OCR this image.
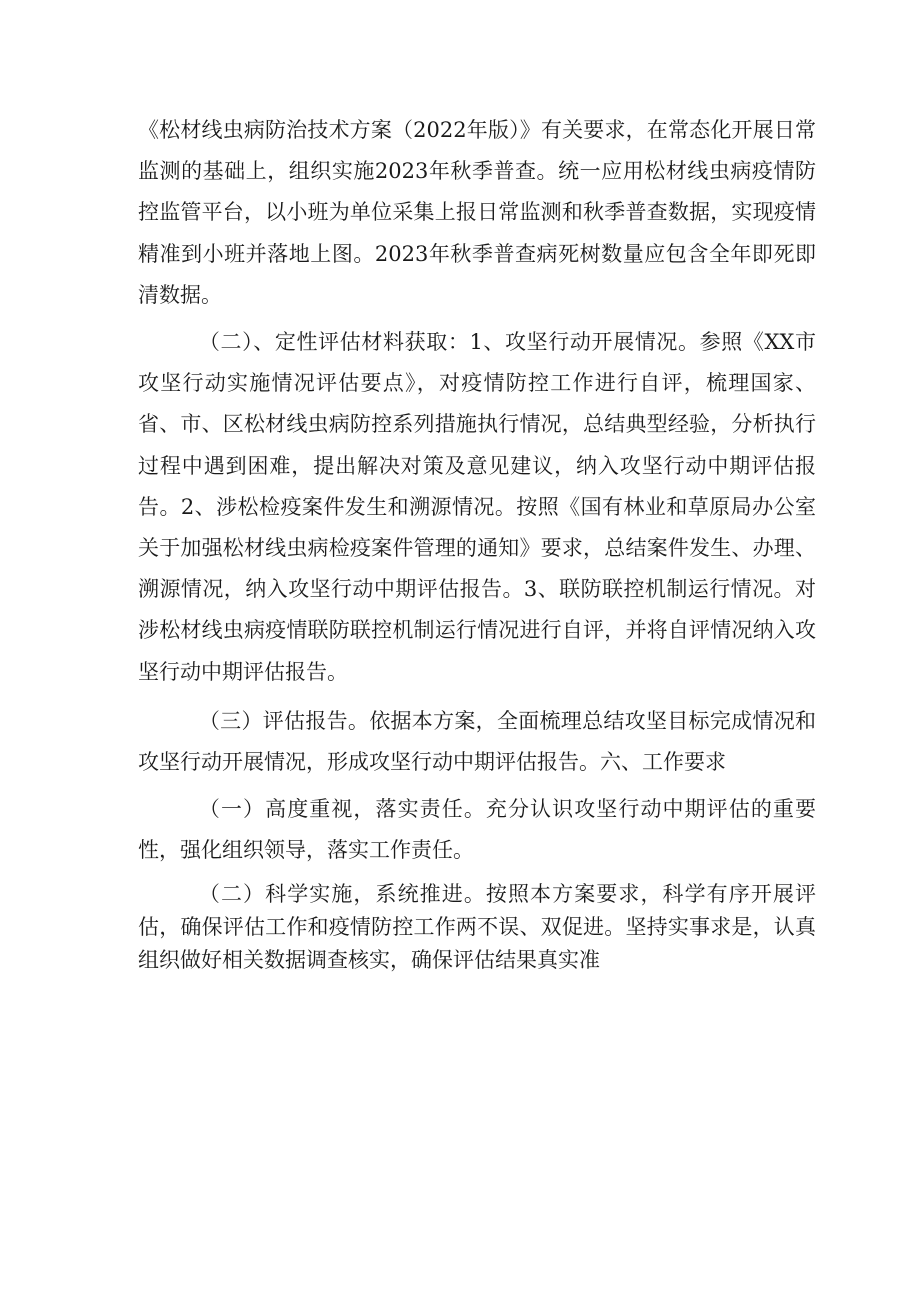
《松材线虫病防治技术方案（2022年版）》有关要求，在常态化开展日常监测的基础上，组织实施2023年秋季普查。统一应用松材线虫病疫情防控监管平台，以小班为单位采集上报日常监测和秋季普查数据，实现疫情精准到小班并落地上图。2023年秋季普查病死树数量应包含全年即死即清数据。

（二）、定性评估材料获取：1、攻坚行动开展情况。参照《XX市攻坚行动实施情况评估要点》，对疫情防控工作进行自评，梳理国家、省、市、区松材线虫病防控系列措施执行情况，总结典型经验，分析执行过程中遇到困难，提出解决对策及意见建议，纳入攻坚行动中期评估报告。2、涉松检疫案件发生和溯源情况。按照《国有林业和草原局办公室关于加强松材线虫病检疫案件管理的通知》要求，总结案件发生、办理、溯源情况，纳入攻坚行动中期评估报告。3、联防联控机制运行情况。对涉松材线虫病疫情联防联控机制运行情况进行自评，并将自评情况纳入攻坚行动中期评估报告。

（三）评估报告。依据本方案，全面梳理总结攻坚目标完成情况和攻坚行动开展情况，形成攻坚行动中期评估报告。六、工作要求

（一）高度重视，落实责任。充分认识攻坚行动中期评估的重要性，强化组织领导，落实工作责任。

（二）科学实施，系统推进。按照本方案要求，科学有序开展评估，确保评估工作和疫情防控工作两不误、双促进。坚持实事求是，认真组织做好相关数据调查核实，确保评估结果真实准
